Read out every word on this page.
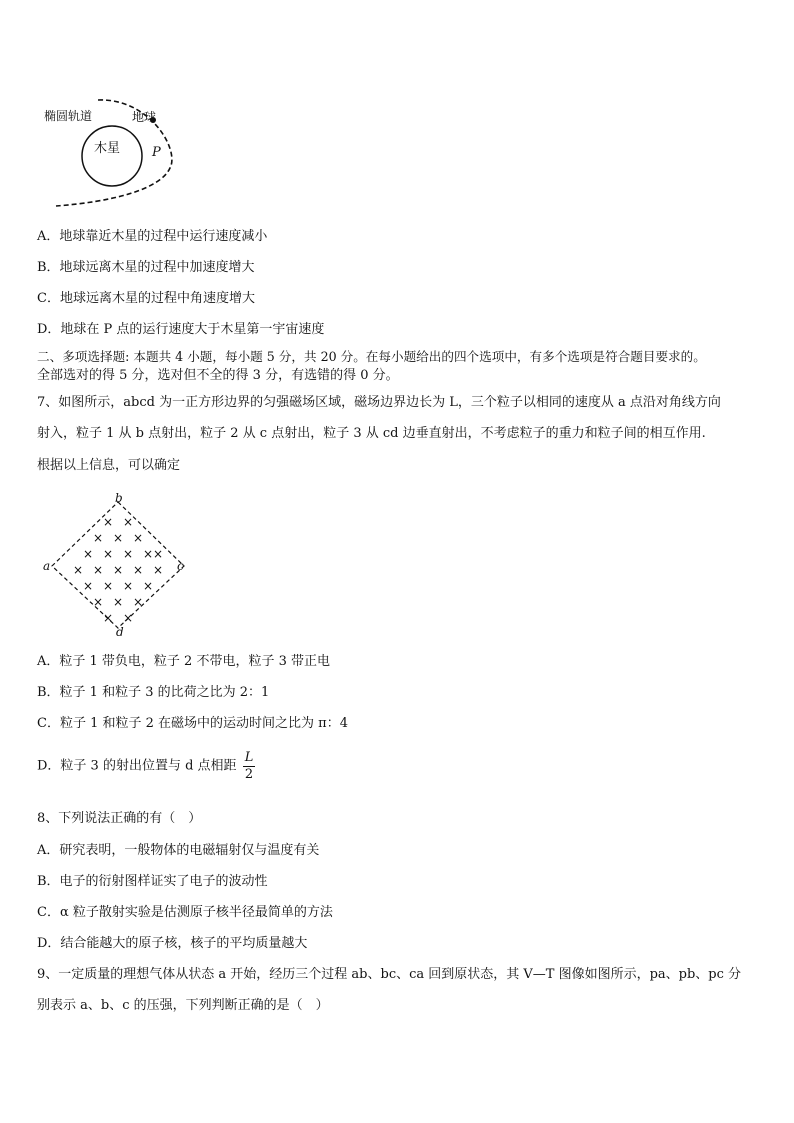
椭圆轨道	地球
木星 P
A．地球靠近木星的过程中运行速度减小
B．地球远离木星的过程中加速度增大
C．地球远离木星的过程中角速度增大
D．地球在 P 点的运行速度大于木星第一宇宙速度
二、多项选择题: 本题共 4 小题，每小题 5 分，共 20 分。在每小题给出的四个选项中，有多个选项是符合题目要求的。
全部选对的得 5 分，选对但不全的得 3 分，有选错的得 0 分。
7、如图所示，abcd 为一正方形边界的匀强磁场区域，磁场边界边长为 L，三个粒子以相同的速度从 a 点沿对角线方向
射入，粒子 1 从 b 点射出，粒子 2 从 c 点射出，粒子 3 从 cd 边垂直射出，不考虑粒子的重力和粒子间的相互作用.
根据以上信息，可以确定
b
a	c
d
× ×
× × ×
× × × × ×
× × × × ×
× × × ×
× × ×
× ×
A．粒子 1 带负电，粒子 2 不带电，粒子 3 带正电
B．粒子 1 和粒子 3 的比荷之比为 2：1
C．粒子 1 和粒子 2 在磁场中的运动时间之比为 π：4
D．粒子 3 的射出位置与 d 点相距 $\frac{L}{2}$
8、下列说法正确的有（　）
A．研究表明，一般物体的电磁辐射仅与温度有关
B．电子的衍射图样证实了电子的波动性
C．α 粒子散射实验是估测原子核半径最简单的方法
D．结合能越大的原子核，核子的平均质量越大
9、一定质量的理想气体从状态 a 开始，经历三个过程 ab、bc、ca 回到原状态，其 V—T 图像如图所示，pa、pb、pc 分
别表示 a、b、c 的压强，下列判断正确的是（　）
